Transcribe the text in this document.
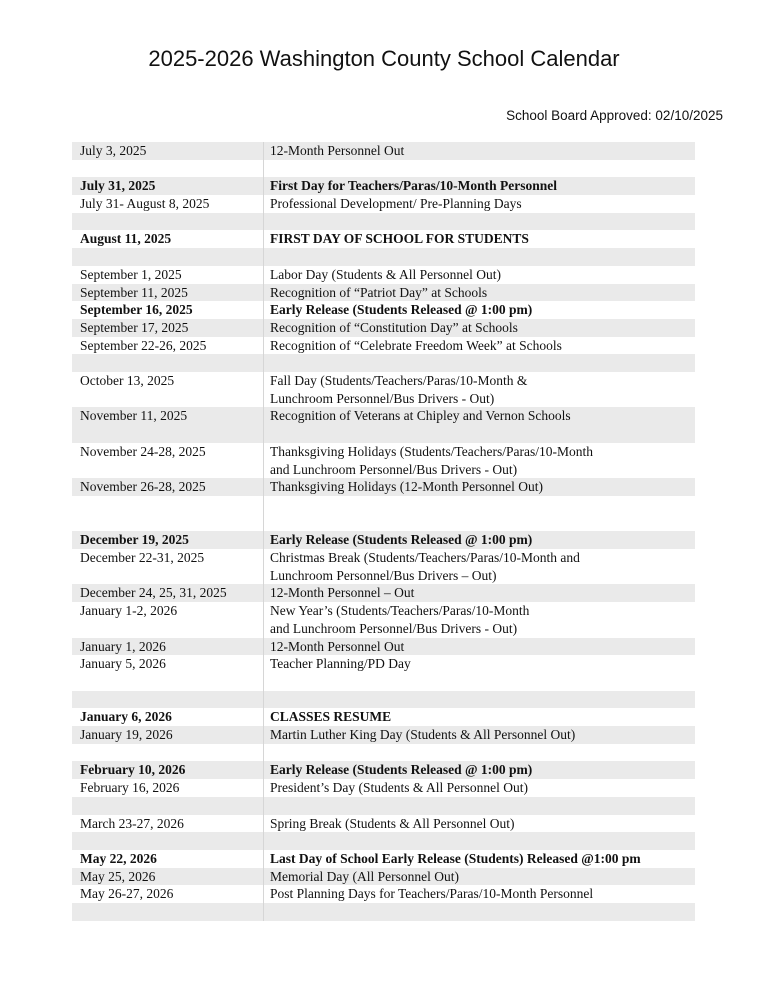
2025-2026 Washington County School Calendar
School Board Approved: 02/10/2025
July 3, 2025	12-Month Personnel Out
July 31, 2025	First Day for Teachers/Paras/10-Month Personnel
July 31- August 8, 2025	Professional Development/ Pre-Planning Days
August 11, 2025	FIRST DAY OF SCHOOL FOR STUDENTS
September 1, 2025	Labor Day (Students & All Personnel Out)
September 11, 2025	Recognition of “Patriot Day” at Schools
September 16, 2025	Early Release (Students Released @ 1:00 pm)
September 17, 2025	Recognition of “Constitution Day” at Schools
September 22-26, 2025	Recognition of “Celebrate Freedom Week” at Schools
October 13, 2025	Fall Day (Students/Teachers/Paras/10-Month &
Lunchroom Personnel/Bus Drivers - Out)
November 11, 2025	Recognition of Veterans at Chipley and Vernon Schools

November 24-28, 2025	Thanksgiving Holidays (Students/Teachers/Paras/10-Month
and Lunchroom Personnel/Bus Drivers - Out)
November 26-28, 2025	Thanksgiving Holidays (12-Month Personnel Out)
December 19, 2025	Early Release (Students Released @ 1:00 pm)
December 22-31, 2025	Christmas Break (Students/Teachers/Paras/10-Month and
Lunchroom Personnel/Bus Drivers – Out)
December 24, 25, 31, 2025	12-Month Personnel – Out
January 1-2, 2026	New Year’s (Students/Teachers/Paras/10-Month
and Lunchroom Personnel/Bus Drivers - Out)
January 1, 2026	12-Month Personnel Out
January 5, 2026	Teacher Planning/PD Day
January 6, 2026	CLASSES RESUME
January 19, 2026	Martin Luther King Day (Students & All Personnel Out)
February 10, 2026	Early Release (Students Released @ 1:00 pm)
February 16, 2026	President’s Day (Students & All Personnel Out)
March 23-27, 2026	Spring Break (Students & All Personnel Out)
May 22, 2026	Last Day of School Early Release (Students) Released @1:00 pm
May 25, 2026	Memorial Day (All Personnel Out)
May 26-27, 2026	Post Planning Days for Teachers/Paras/10-Month Personnel
